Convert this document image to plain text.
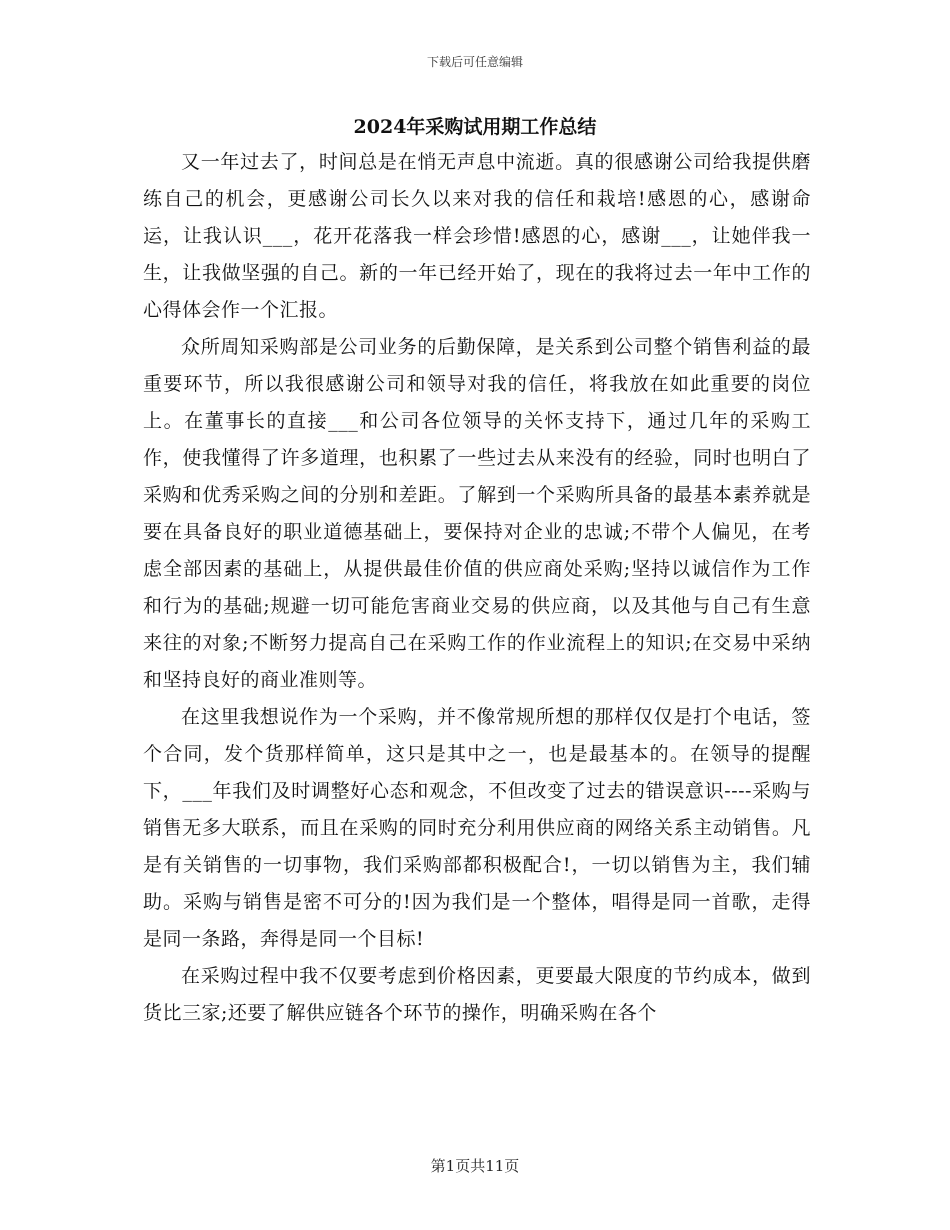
下载后可任意编辑
2024年采购试用期工作总结

又一年过去了，时间总是在悄无声息中流逝。真的很感谢公司给我提供磨练自己的机会，更感谢公司长久以来对我的信任和栽培!感恩的心，感谢命运，让我认识___，花开花落我一样会珍惜!感恩的心，感谢___，让她伴我一生，让我做坚强的自己。新的一年已经开始了，现在的我将过去一年中工作的心得体会作一个汇报。

众所周知采购部是公司业务的后勤保障，是关系到公司整个销售利益的最重要环节，所以我很感谢公司和领导对我的信任，将我放在如此重要的岗位上。在董事长的直接___和公司各位领导的关怀支持下，通过几年的采购工作，使我懂得了许多道理，也积累了一些过去从来没有的经验，同时也明白了采购和优秀采购之间的分别和差距。了解到一个采购所具备的最基本素养就是要在具备良好的职业道德基础上，要保持对企业的忠诚;不带个人偏见，在考虑全部因素的基础上，从提供最佳价值的供应商处采购;坚持以诚信作为工作和行为的基础;规避一切可能危害商业交易的供应商，以及其他与自己有生意来往的对象;不断努力提高自己在采购工作的作业流程上的知识;在交易中采纳和坚持良好的商业准则等。

在这里我想说作为一个采购，并不像常规所想的那样仅仅是打个电话，签个合同，发个货那样简单，这只是其中之一，也是最基本的。在领导的提醒下，___年我们及时调整好心态和观念，不但改变了过去的错误意识----采购与销售无多大联系，而且在采购的同时充分利用供应商的网络关系主动销售。凡是有关销售的一切事物，我们采购部都积极配合!，一切以销售为主，我们辅助。采购与销售是密不可分的!因为我们是一个整体，唱得是同一首歌，走得是同一条路，奔得是同一个目标!

在采购过程中我不仅要考虑到价格因素，更要最大限度的节约成本，做到货比三家;还要了解供应链各个环节的操作，明确采购在各个

第1页共11页
